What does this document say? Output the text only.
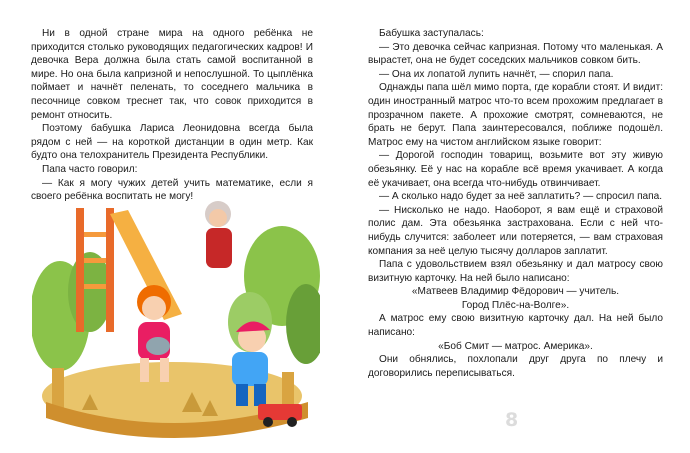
Ни в одной стране мира на одного ребёнка не приходится столько руководящих педагогических кадров! И девочка Вера должна была стать самой воспитанной в мире. Но она была капризной и непослушной. То цыплёнка поймает и начнёт пеленать, то соседнего мальчика в песочнице совком треснет так, что совок приходится в ремонт относить.

Поэтому бабушка Лариса Леонидовна всегда была рядом с ней — на короткой дистанции в один метр. Как будто она телохранитель Президента Республики.

Папа часто говорил:

— Как я могу чужих детей учить математике, если я своего ребёнка воспитать не могу!

Бабушка заступалась:

— Это девочка сейчас капризная. Потому что маленькая. А вырастет, она не будет соседских мальчиков совком бить.

— Она их лопатой лупить начнёт, — спорил папа.

Однажды папа шёл мимо порта, где корабли стоят. И видит: один иностранный матрос что-то всем прохожим предлагает в прозрачном пакете. А прохожие смотрят, сомневаются, не брать не берут. Папа заинтересовался, поближе подошёл. Матрос ему на чистом английском языке говорит:

— Дорогой господин товарищ, возьмите вот эту живую обезьянку. Её у нас на корабле всё время укачивает. А когда её укачивает, она всегда что-нибудь отвинчивает.

— А сколько надо будет за неё заплатить? — спросил папа.

— Нисколько не надо. Наоборот, я вам ещё и страховой полис дам. Эта обезьянка застрахована. Если с ней что-нибудь случится: заболеет или потеряется, — вам страховая компания за неё целую тысячу долларов заплатит.

Папа с удовольствием взял обезьянку и дал матросу свою визитную карточку. На ней было написано:

«Матвеев Владимир Фёдорович — учитель.

Город Плёс-на-Волге».

А матрос ему свою визитную карточку дал. На ней было написано:

«Боб Смит — матрос. Америка».

Они обнялись, похлопали друг друга по плечу и договорились переписываться.

8
